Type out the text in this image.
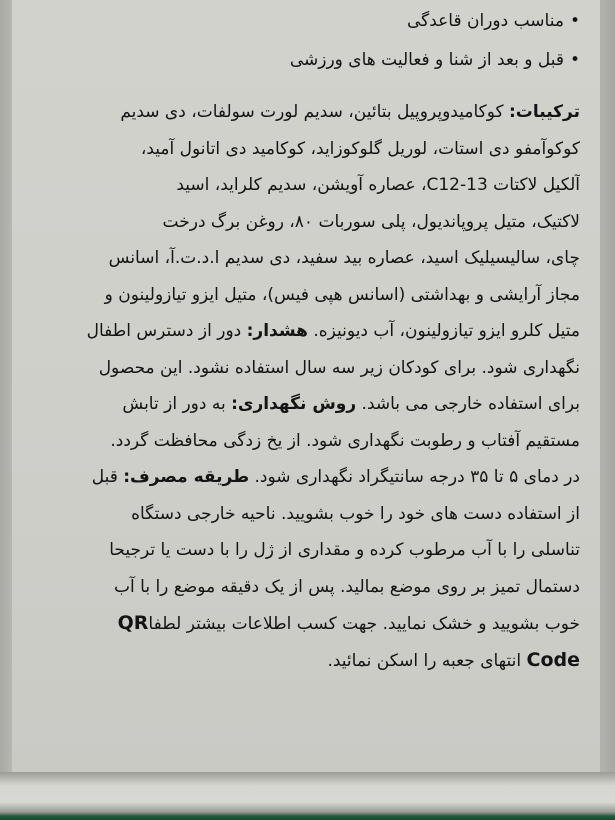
•مناسب دوران قاعدگی
•قبل و بعد از شنا و فعالیت های ورزشی
ترکیبات: کوکامیدوپروپیل بتائین، سدیم لورت سولفات، دی سدیم
کوکوآمفو دی استات، لوریل گلوکوزاید، کوکامید دی اتانول آمید،
آلکیل لاکتات C12-13، عصاره آویشن، سدیم کلراید، اسید
لاکتیک، متیل پروپاندیول، پلی سوربات ۸۰، روغن برگ درخت
چای، سالیسیلیک اسید، عصاره بید سفید، دی سدیم ا.د.ت.آ، اسانس
مجاز آرایشی و بهداشتی (اسانس هپی فیس)، متیل ایزو تیازولینون و
متیل کلرو ایزو تیازولینون، آب دیونیزه. هشدار: دور از دسترس اطفال
نگهداری شود. برای کودکان زیر سه سال استفاده نشود. این محصول
برای استفاده خارجی می باشد. روش نگهداری: به دور از تابش
مستقیم آفتاب و رطوبت نگهداری شود. از یخ زدگی محافظت گردد.
در دمای ۵ تا ۳۵ درجه سانتیگراد نگهداری شود. طریقه مصرف: قبل
از استفاده دست های خود را خوب بشویید. ناحیه خارجی دستگاه
تناسلی را با آب مرطوب کرده و مقداری از ژل را با دست یا ترجیحا
دستمال تمیز بر روی موضع بمالید. پس از یک دقیقه موضع را با آب
خوب بشویید و خشک نمایید. جهت کسب اطلاعات بیشتر لطفاQR
Code انتهای جعبه را اسکن نمائید.
